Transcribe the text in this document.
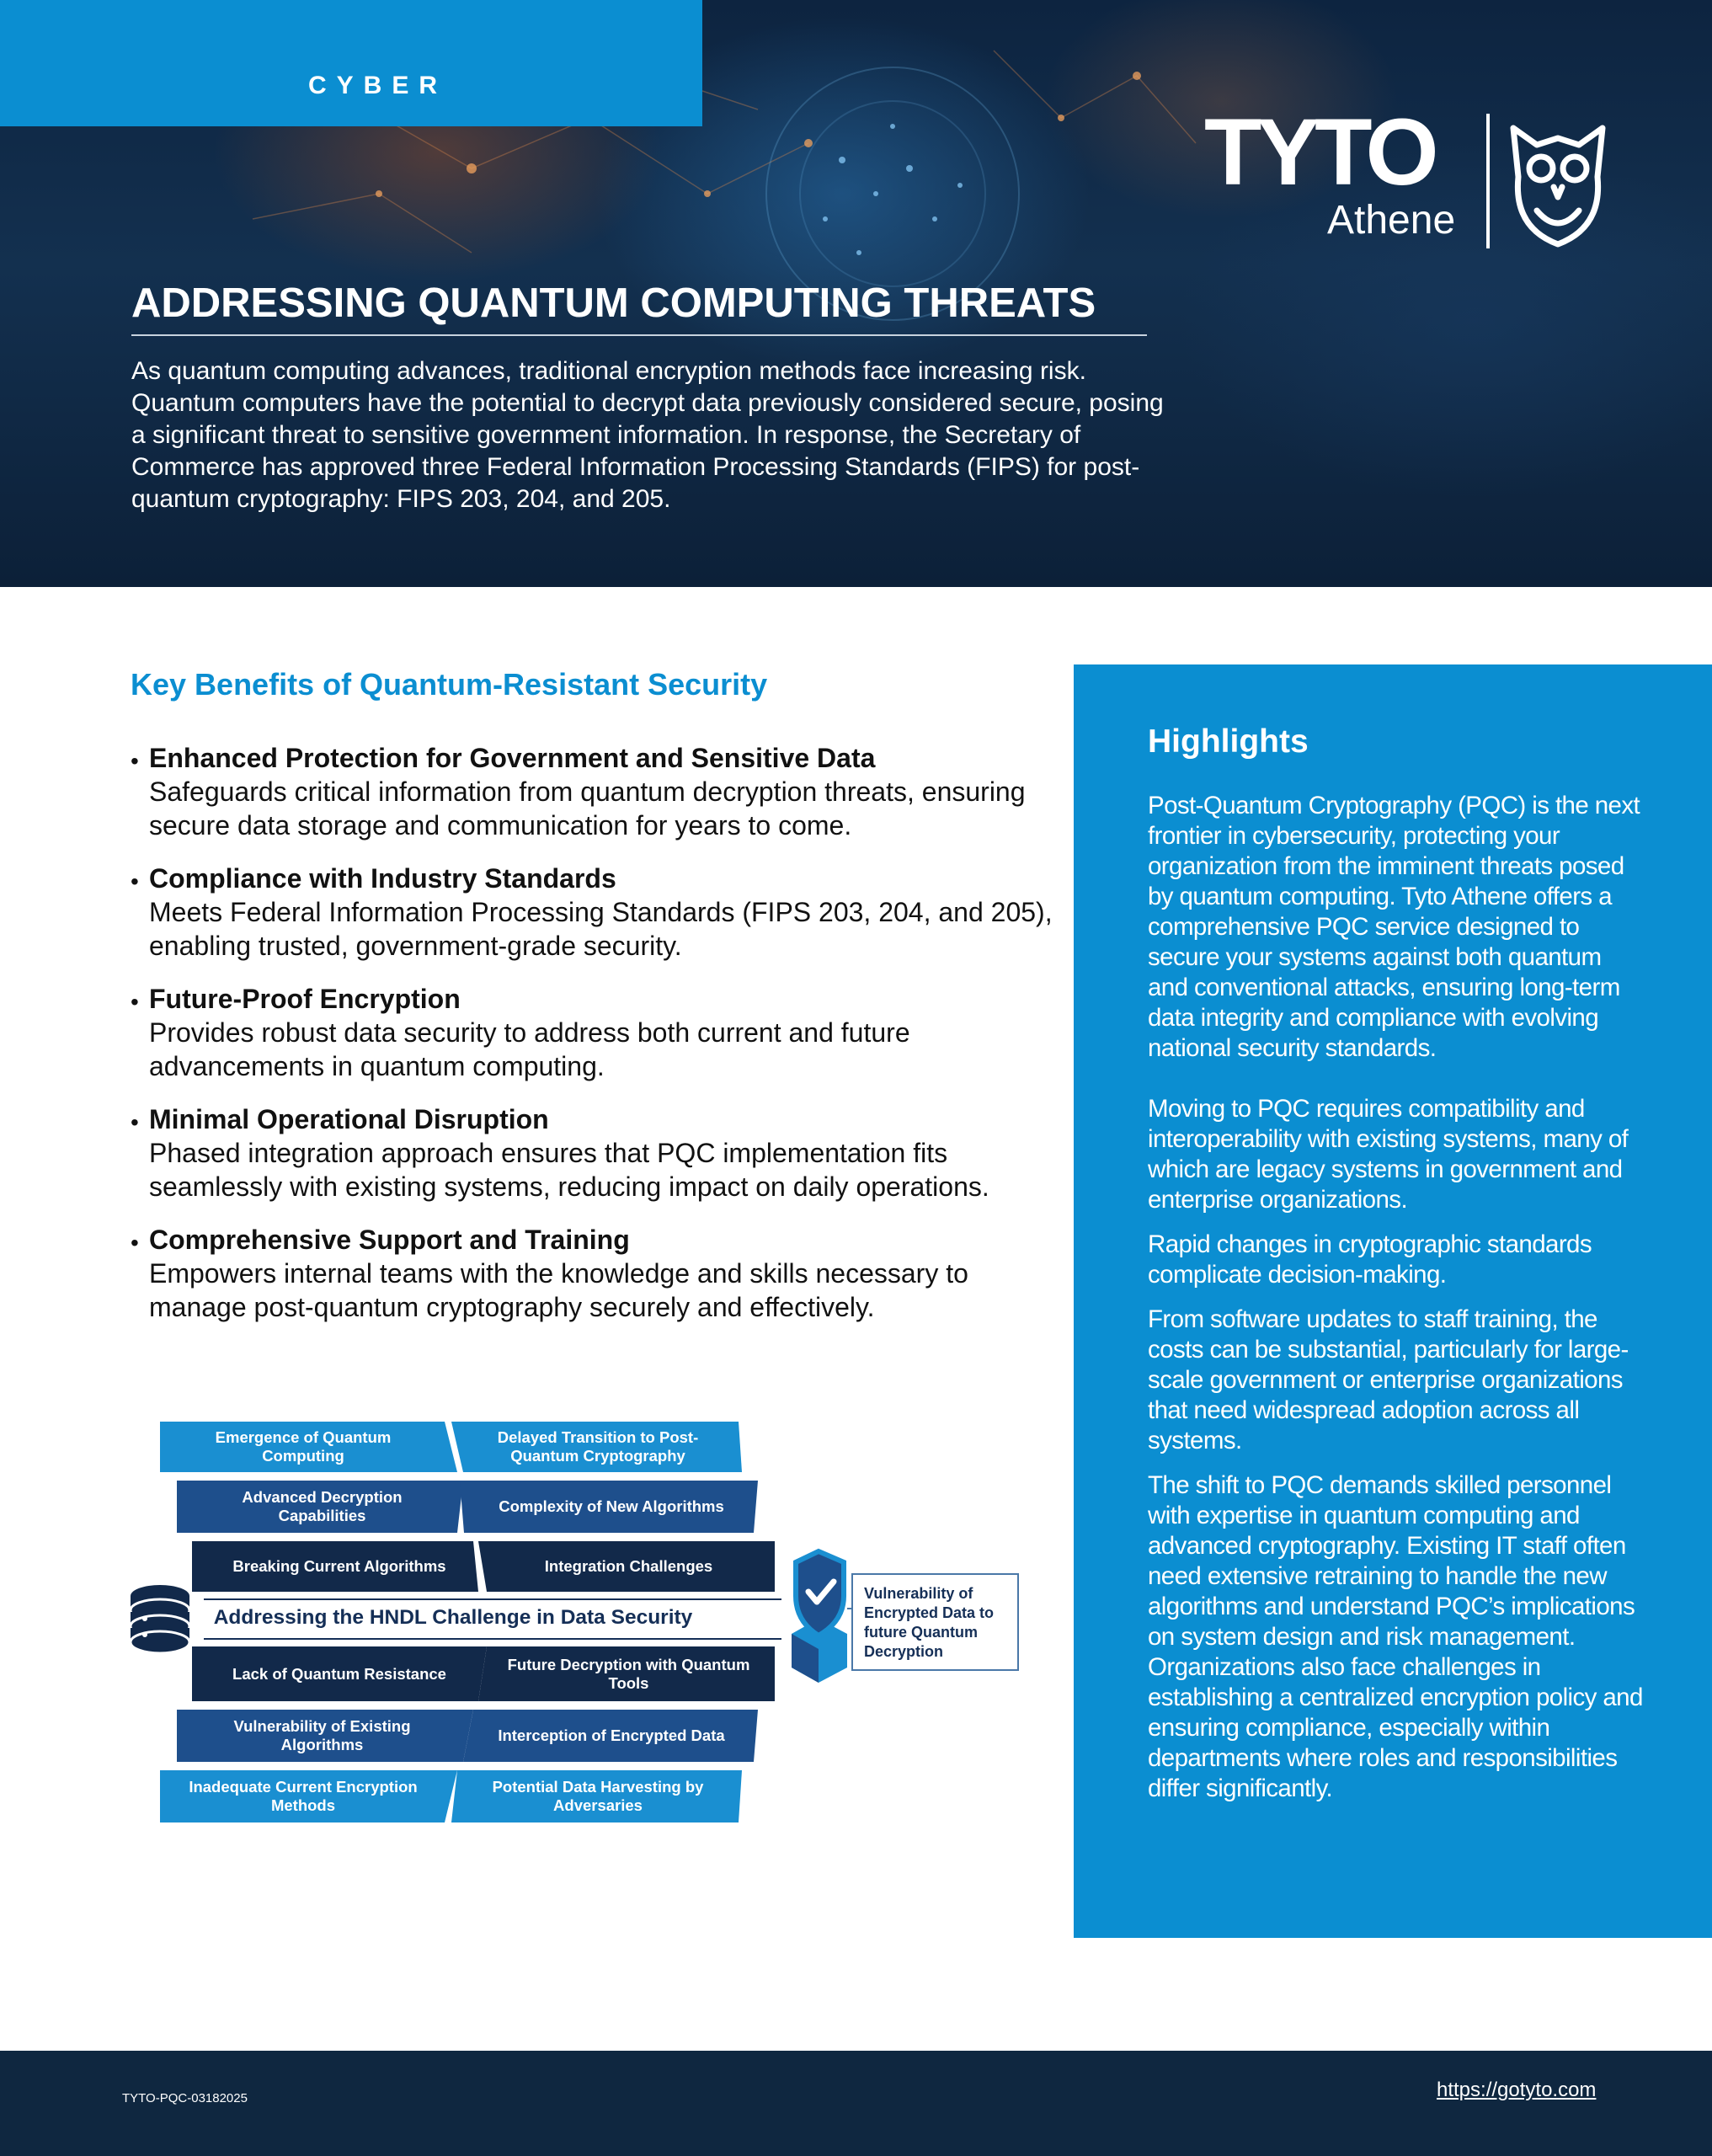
CYBER
TYTO
Athene
ADDRESSING QUANTUM COMPUTING THREATS

As quantum computing advances, traditional encryption methods face increasing risk. Quantum computers have the potential to decrypt data previously considered secure, posing a significant threat to sensitive government information. In response, the Secretary of Commerce has approved three Federal Information Processing Standards (FIPS) for post-quantum cryptography: FIPS 203, 204, and 205.

Key Benefits of Quantum-Resistant Security
• Enhanced Protection for Government and Sensitive Data
Safeguards critical information from quantum decryption threats, ensuring secure data storage and communication for years to come.
• Compliance with Industry Standards
Meets Federal Information Processing Standards (FIPS 203, 204, and 205), enabling trusted, government-grade security.
• Future-Proof Encryption
Provides robust data security to address both current and future advancements in quantum computing.
• Minimal Operational Disruption
Phased integration approach ensures that PQC implementation fits seamlessly with existing systems, reducing impact on daily operations.
• Comprehensive Support and Training
Empowers internal teams with the knowledge and skills necessary to manage post-quantum cryptography securely and effectively.
Emergence of Quantum Computing
Advanced Decryption Capabilities
Breaking Current Algorithms
Delayed Transition to Post-Quantum Cryptography
Complexity of New Algorithms
Integration Challenges
Addressing the HNDL Challenge in Data Security
Lack of Quantum Resistance
Vulnerability of Existing Algorithms
Inadequate Current Encryption Methods
Future Decryption with Quantum Tools
Interception of Encrypted Data
Potential Data Harvesting by Adversaries
Vulnerability of Encrypted Data to future Quantum Decryption
Highlights

Post-Quantum Cryptography (PQC) is the next frontier in cybersecurity, protecting your organization from the imminent threats posed by quantum computing. Tyto Athene offers a comprehensive PQC service designed to secure your systems against both quantum and conventional attacks, ensuring long-term data integrity and compliance with evolving national security standards.

Moving to PQC requires compatibility and interoperability with existing systems, many of which are legacy systems in government and enterprise organizations.

Rapid changes in cryptographic standards complicate decision-making.

From software updates to staff training, the costs can be substantial, particularly for large-scale government or enterprise organizations that need widespread adoption across all systems.

The shift to PQC demands skilled personnel with expertise in quantum computing and advanced cryptography. Existing IT staff often need extensive retraining to handle the new algorithms and understand PQC’s implications on system design and risk management. Organizations also face challenges in establishing a centralized encryption policy and ensuring compliance, especially within departments where roles and responsibilities differ significantly.

TYTO-PQC-03182025	https://gotyto.com
